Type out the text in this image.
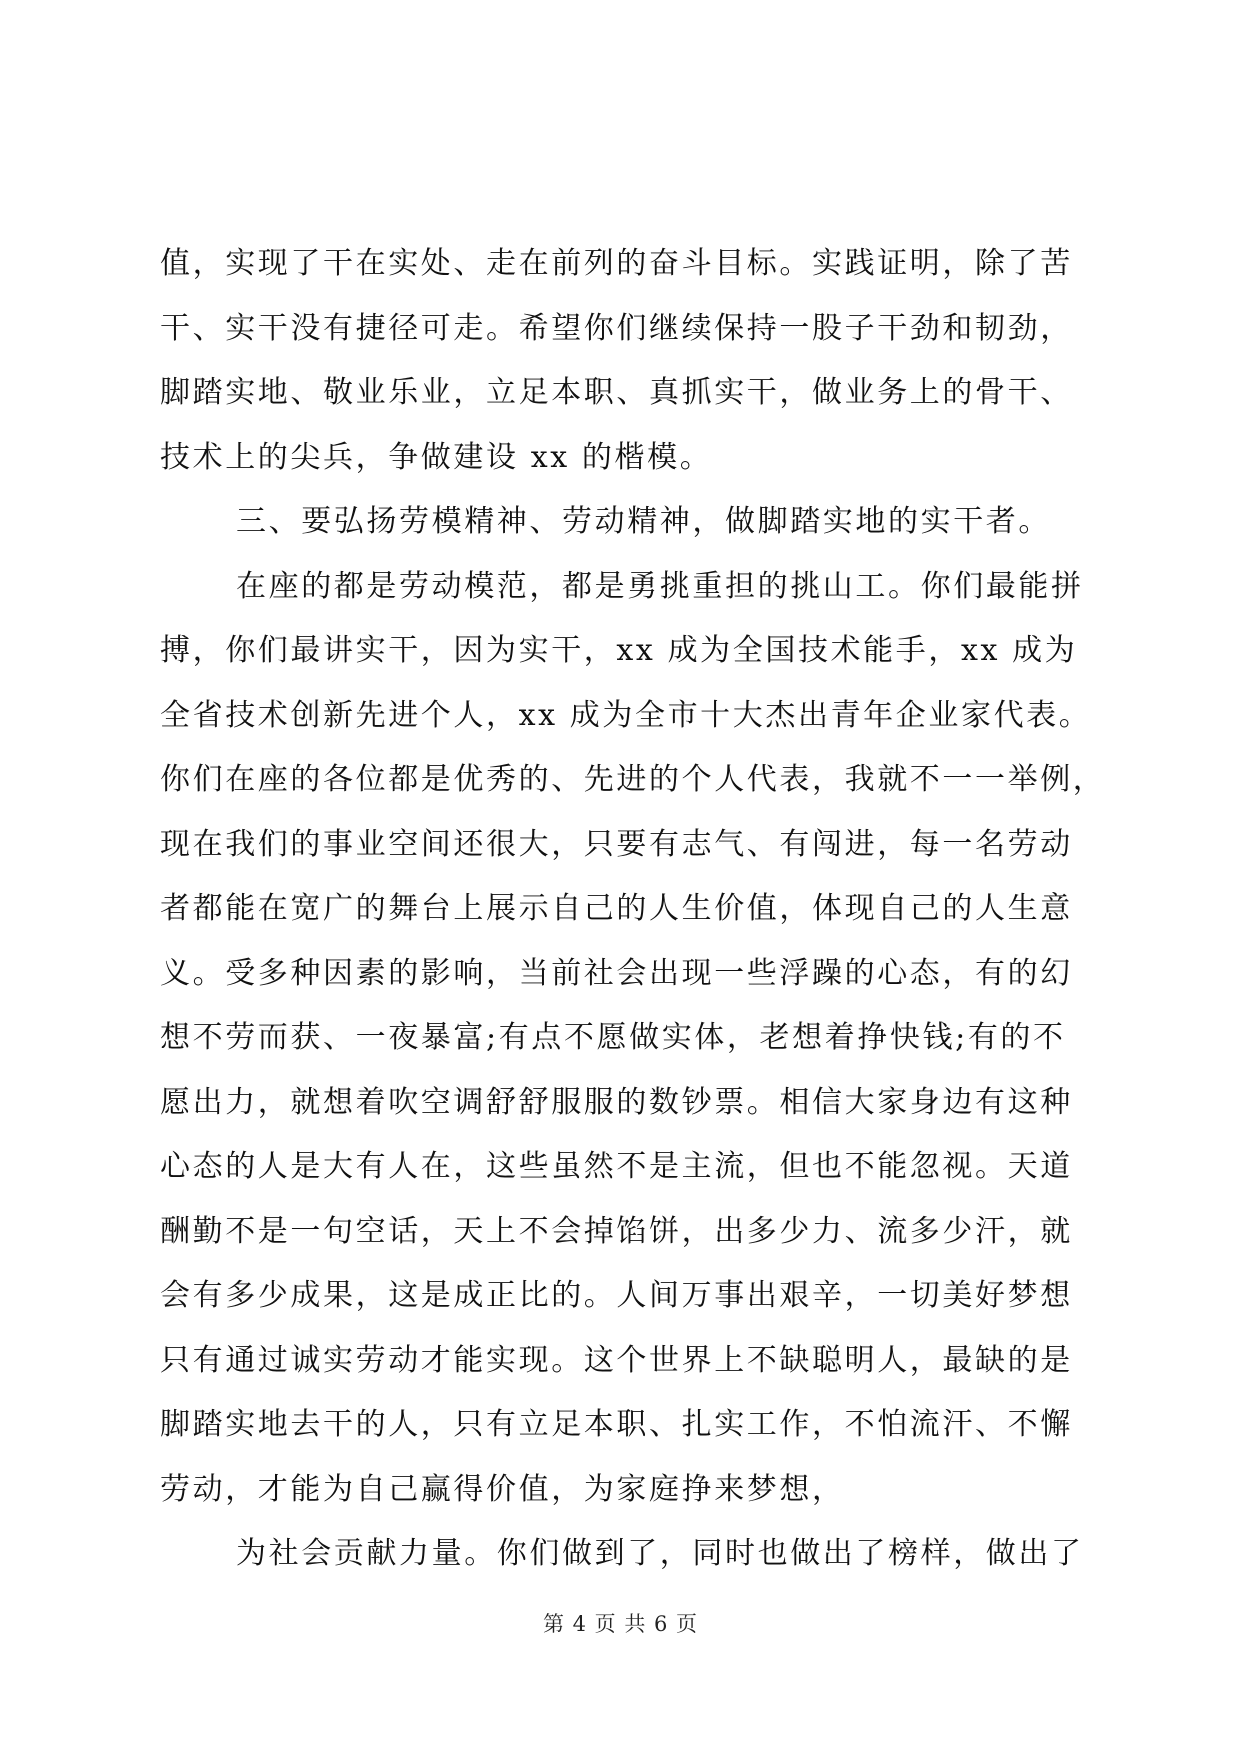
值，实现了干在实处、走在前列的奋斗目标。实践证明，除了苦
干、实干没有捷径可走。希望你们继续保持一股子干劲和韧劲，
脚踏实地、敬业乐业，立足本职、真抓实干，做业务上的骨干、
技术上的尖兵，争做建设 xx 的楷模。
三、要弘扬劳模精神、劳动精神，做脚踏实地的实干者。
在座的都是劳动模范，都是勇挑重担的挑山工。你们最能拼
搏，你们最讲实干，因为实干，xx 成为全国技术能手，xx 成为
全省技术创新先进个人，xx 成为全市十大杰出青年企业家代表。
你们在座的各位都是优秀的、先进的个人代表，我就不一一举例，
现在我们的事业空间还很大，只要有志气、有闯进，每一名劳动
者都能在宽广的舞台上展示自己的人生价值，体现自己的人生意
义。受多种因素的影响，当前社会出现一些浮躁的心态，有的幻
想不劳而获、一夜暴富;有点不愿做实体，老想着挣快钱;有的不
愿出力，就想着吹空调舒舒服服的数钞票。相信大家身边有这种
心态的人是大有人在，这些虽然不是主流，但也不能忽视。天道
酬勤不是一句空话，天上不会掉馅饼，出多少力、流多少汗，就
会有多少成果，这是成正比的。人间万事出艰辛，一切美好梦想
只有通过诚实劳动才能实现。这个世界上不缺聪明人，最缺的是
脚踏实地去干的人，只有立足本职、扎实工作，不怕流汗、不懈
劳动，才能为自己赢得价值，为家庭挣来梦想，
为社会贡献力量。你们做到了，同时也做出了榜样，做出了
第 4 页 共 6 页
